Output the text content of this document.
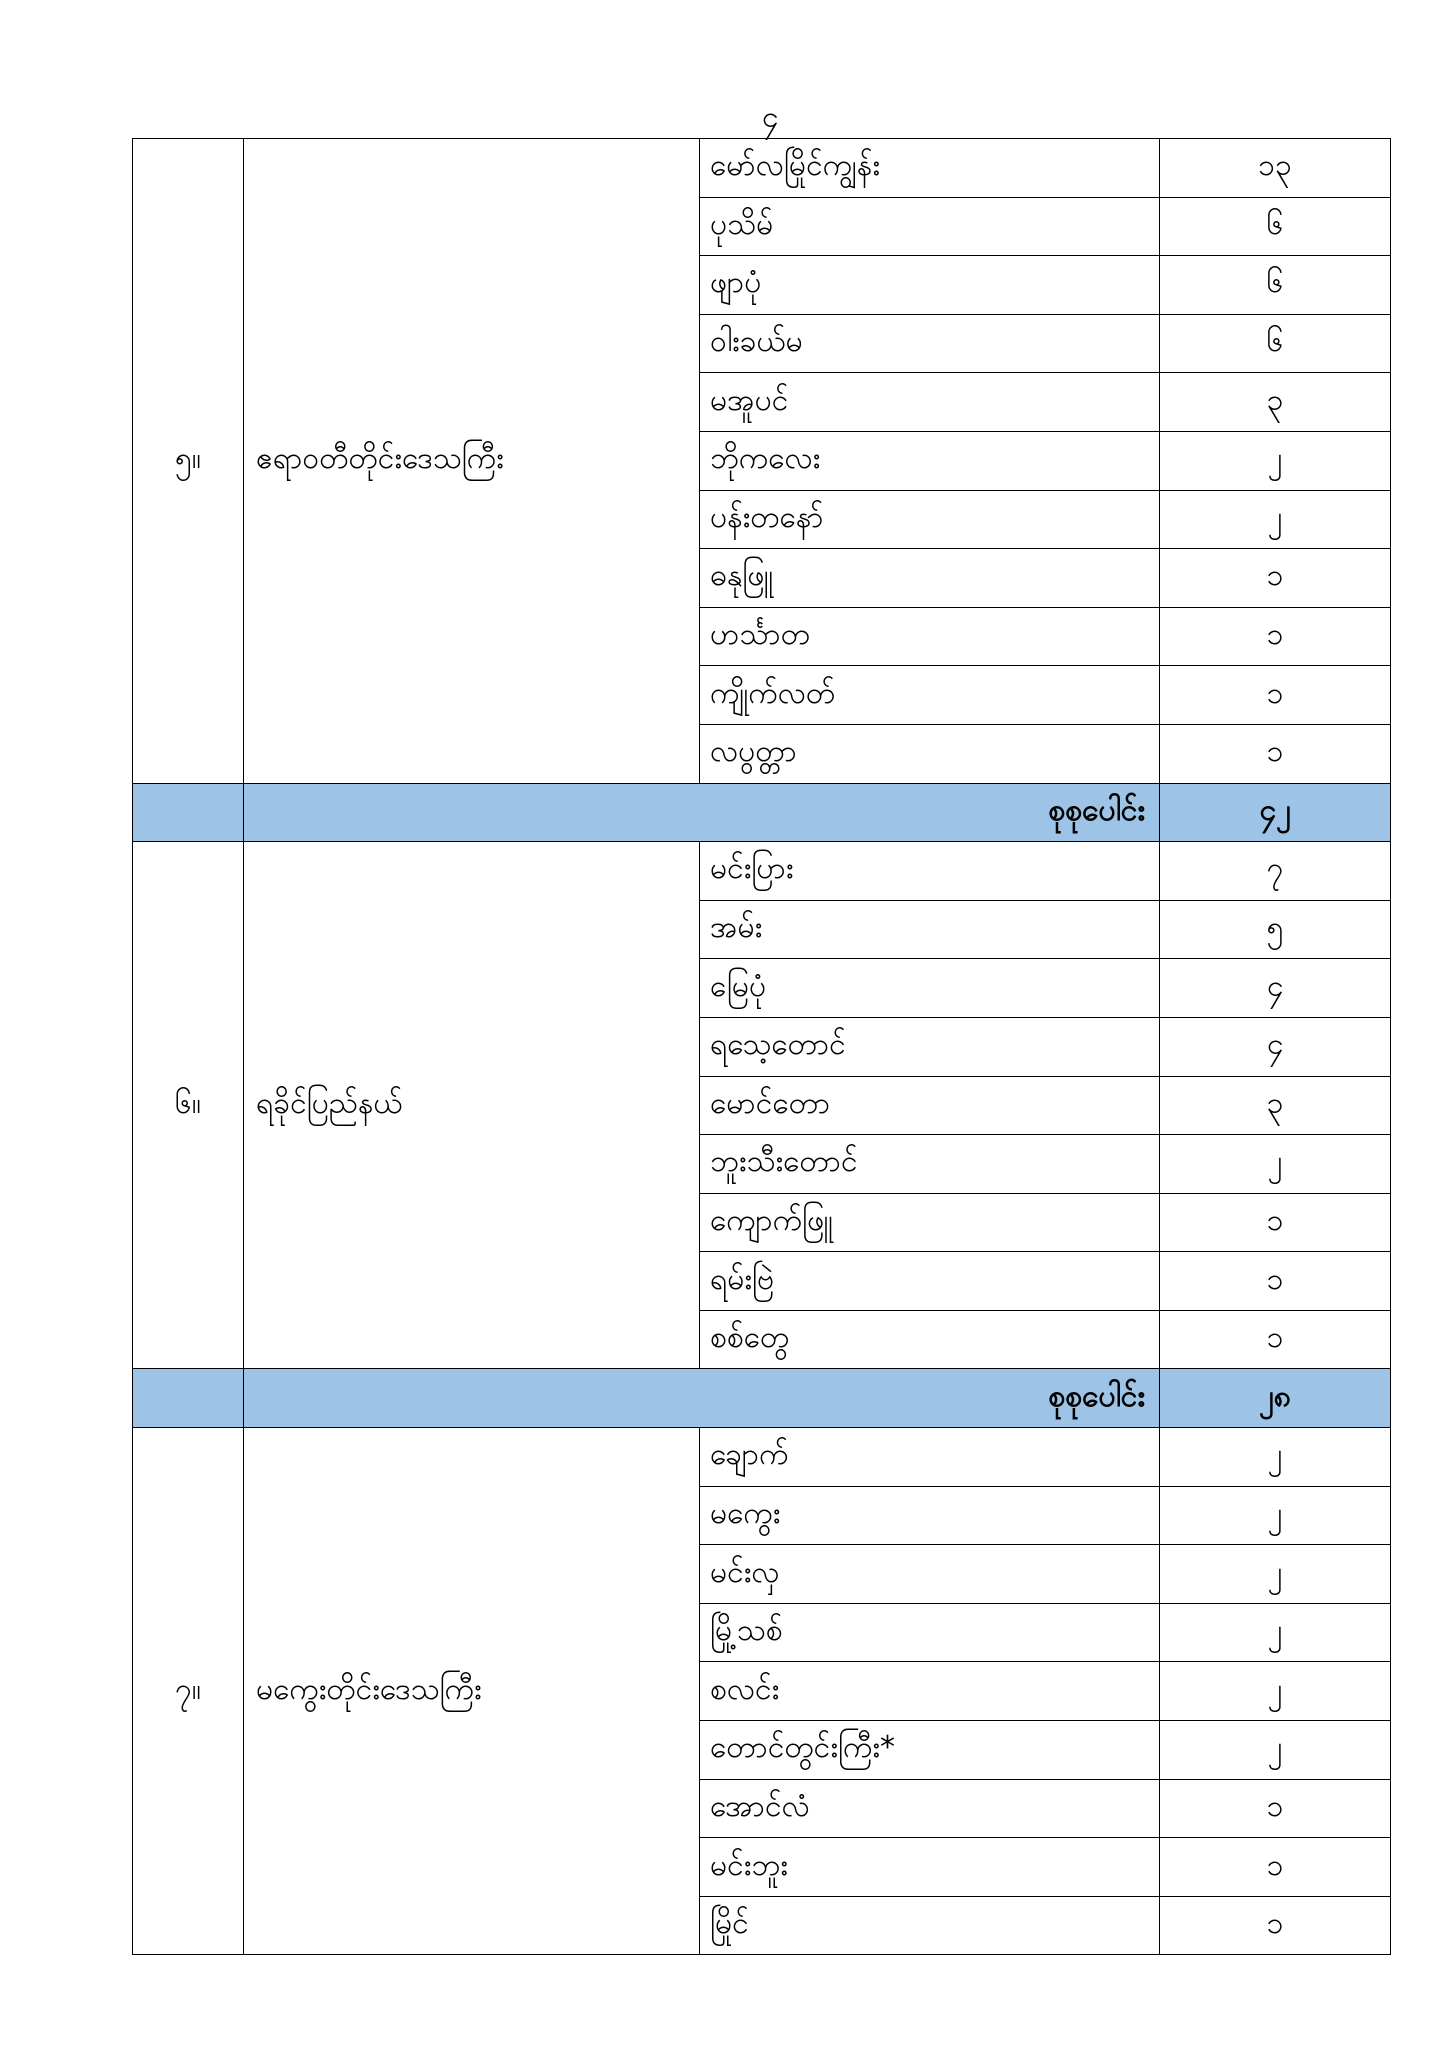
၄
၅။	ဧရာဝတီတိုင်းဒေသကြီး	မော်လမြိုင်ကျွန်း	၁၃
		ပုသိမ်	၆
		ဖျာပုံ	၆
		ဝါးခယ်မ	၆
		မအူပင်	၃
		ဘိုကလေး	၂
		ပန်းတနော်	၂
		ဓနုဖြူ	၁
		ဟင်္သာတ	၁
		ကျိုက်လတ်	၁
		လပွတ္တာ	၁
	စုစုပေါင်း		၄၂
၆။	ရခိုင်ပြည်နယ်	မင်းပြား	၇
		အမ်း	၅
		မြေပုံ	၄
		ရသေ့တောင်	၄
		မောင်တော	၃
		ဘူးသီးတောင်	၂
		ကျောက်ဖြူ	၁
		ရမ်းဗြဲ	၁
		စစ်တွေ	၁
	စုစုပေါင်း		၂၈
၇။	မကွေးတိုင်းဒေသကြီး	ချောက်	၂
		မကွေး	၂
		မင်းလှ	၂
		မြို့သစ်	၂
		စလင်း	၂
		တောင်တွင်းကြီး*	၂
		အောင်လံ	၁
		မင်းဘူး	၁
		မြိုင်	၁
